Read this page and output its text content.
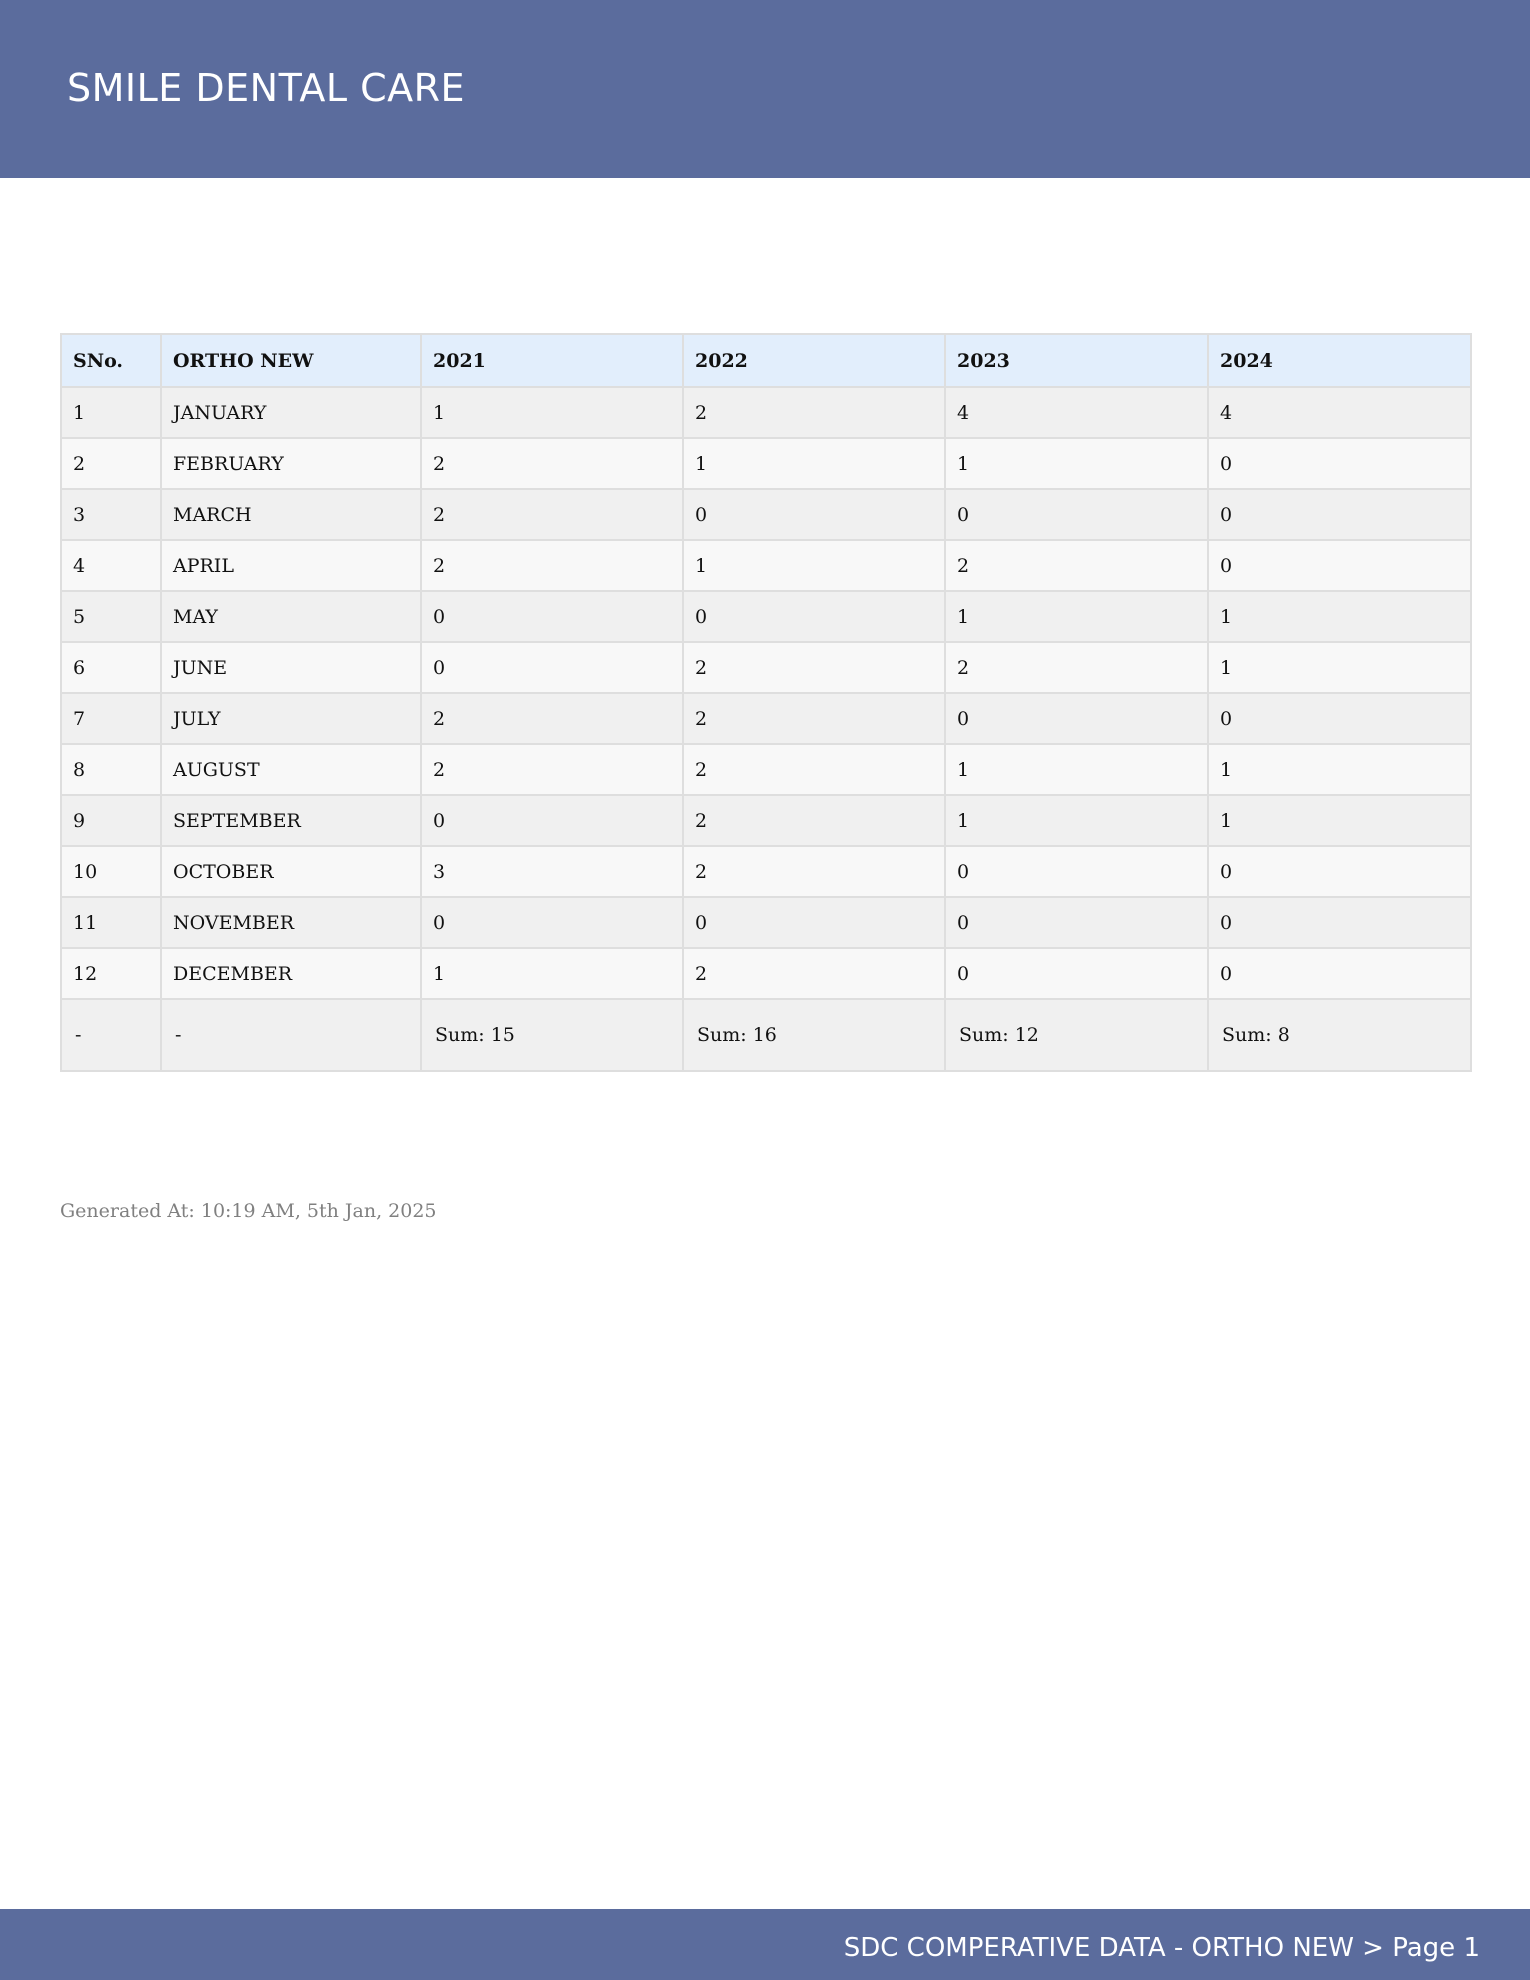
SMILE DENTAL CARE
SNo.	ORTHO NEW	2021	2022	2023	2024
1	JANUARY	1	2	4	4
2	FEBRUARY	2	1	1	0
3	MARCH	2	0	0	0
4	APRIL	2	1	2	0
5	MAY	0	0	1	1
6	JUNE	0	2	2	1
7	JULY	2	2	0	0
8	AUGUST	2	2	1	1
9	SEPTEMBER	0	2	1	1
10	OCTOBER	3	2	0	0
11	NOVEMBER	0	0	0	0
12	DECEMBER	1	2	0	0
-	-	Sum: 15	Sum: 16	Sum: 12	Sum: 8
Generated At: 10:19 AM, 5th Jan, 2025
SDC COMPERATIVE DATA - ORTHO NEW > Page 1
